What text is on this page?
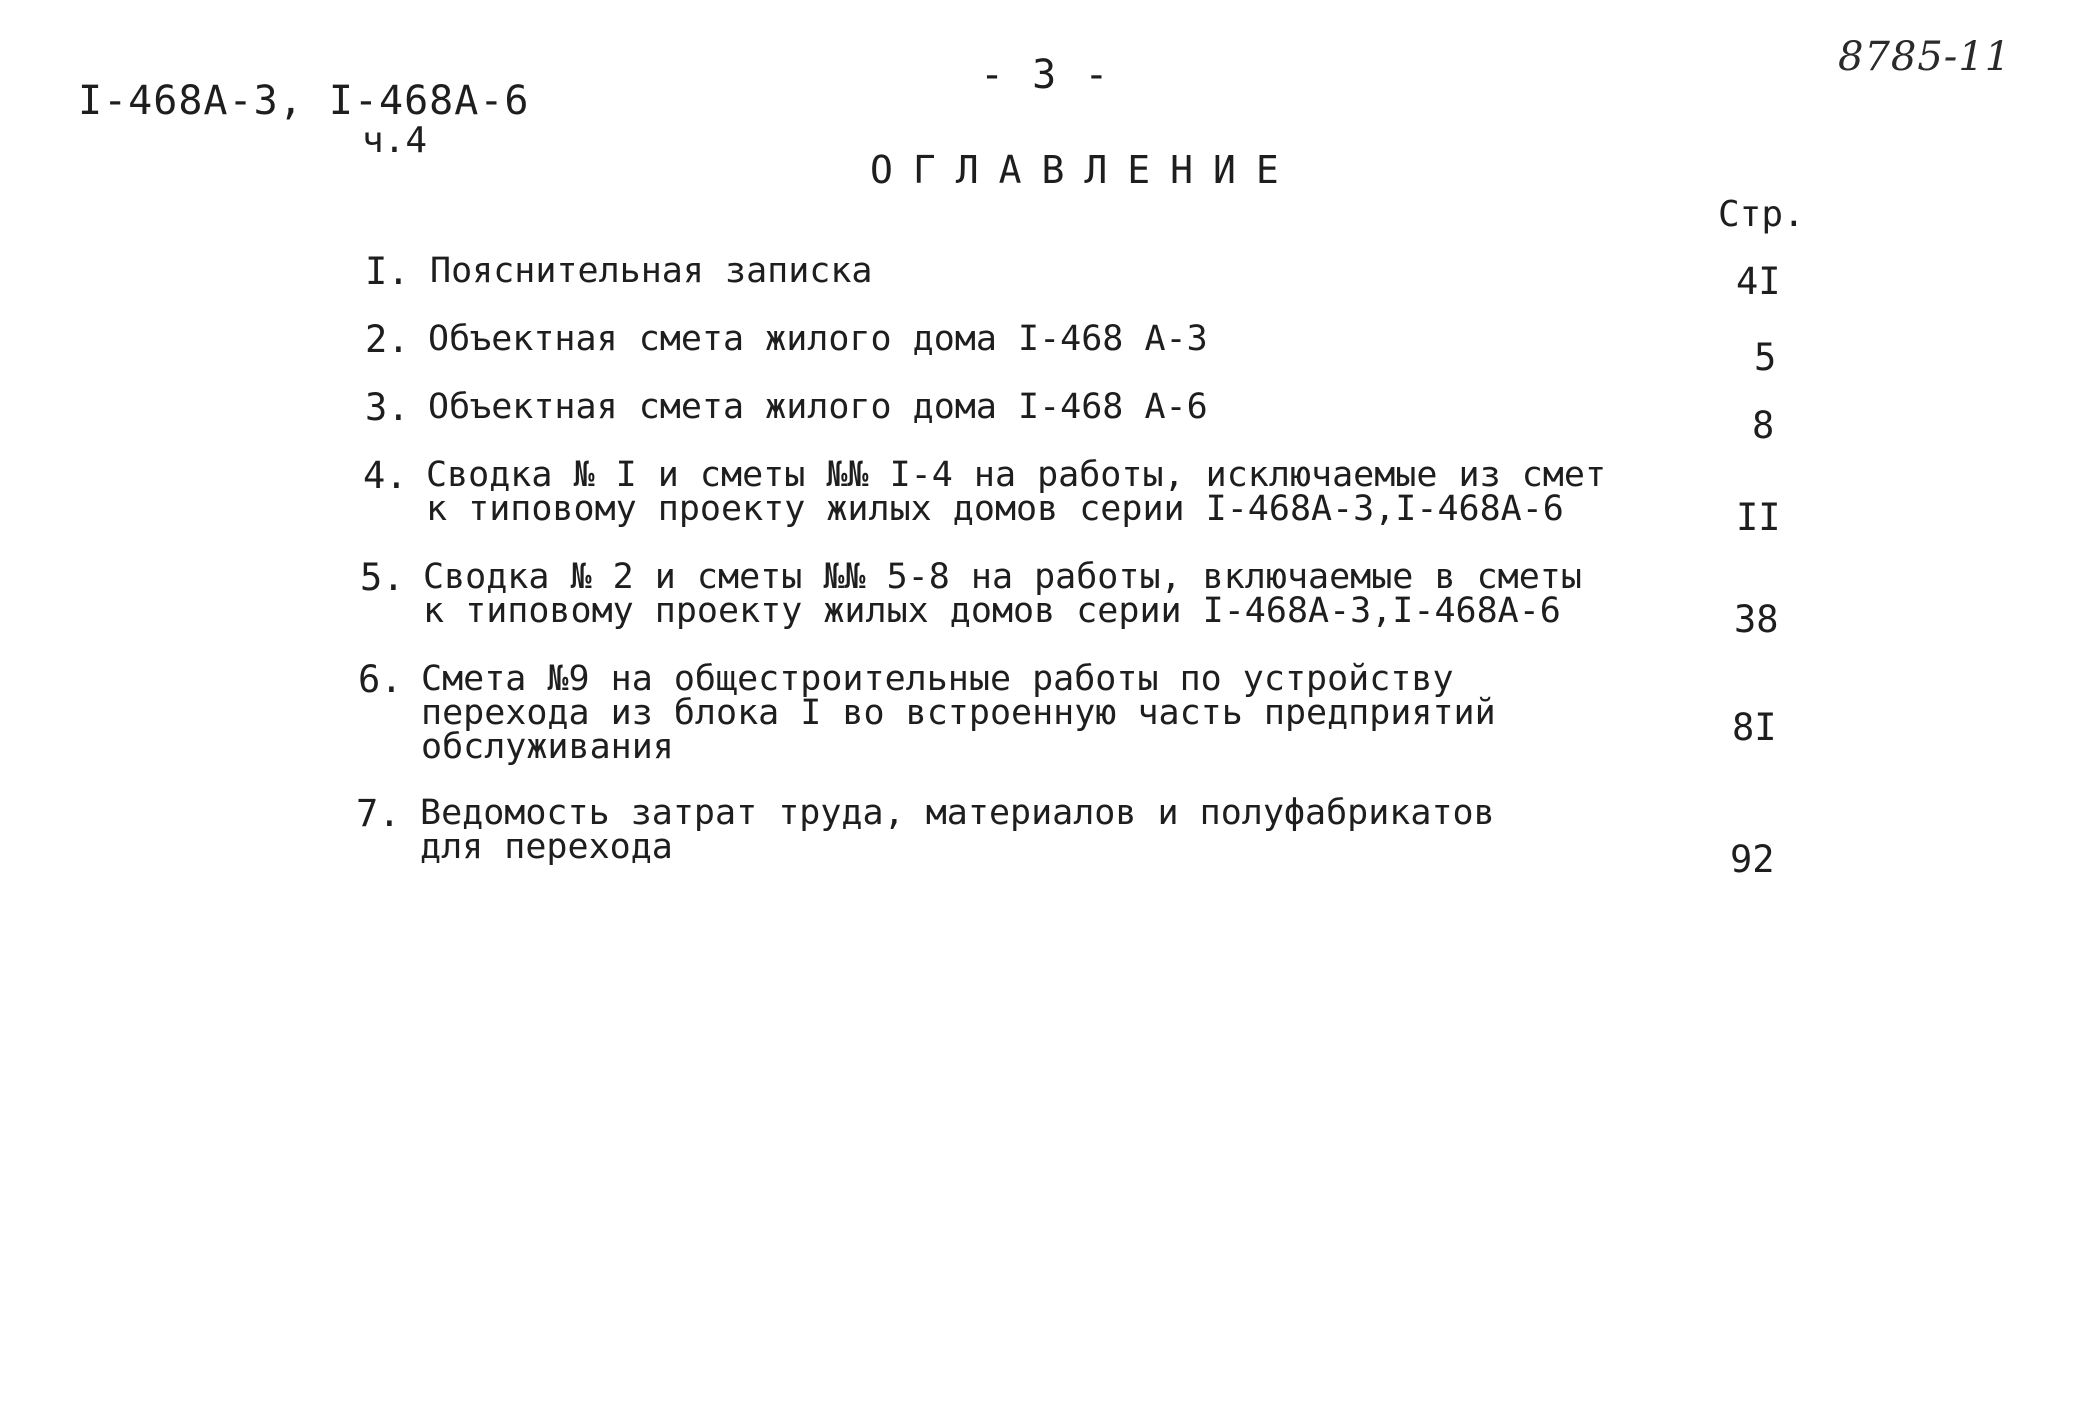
I-468A-3, I-468A-6
ч.4
- 3 -	8785-11
ОГЛАВЛЕНИЕ
Стр.
I. Пояснительная записка	4I
2. Объектная смета жилого дома I-468 А-3	5
3. Объектная смета жилого дома I-468 А-6	8
4. Сводка № I и сметы №№ I-4 на работы, исключаемые из смет
к типовому проекту жилых домов серии I-468А-3,I-468А-6	II
5. Сводка № 2 и сметы №№ 5-8 на работы, включаемые в сметы
к типовому проекту жилых домов серии I-468А-3,I-468А-6	38
6. Смета №9 на общестроительные работы по устройству
перехода из блока I во встроенную часть предприятий
обслуживания	8I
7. Ведомость затрат труда, материалов и полуфабрикатов
для перехода	92
